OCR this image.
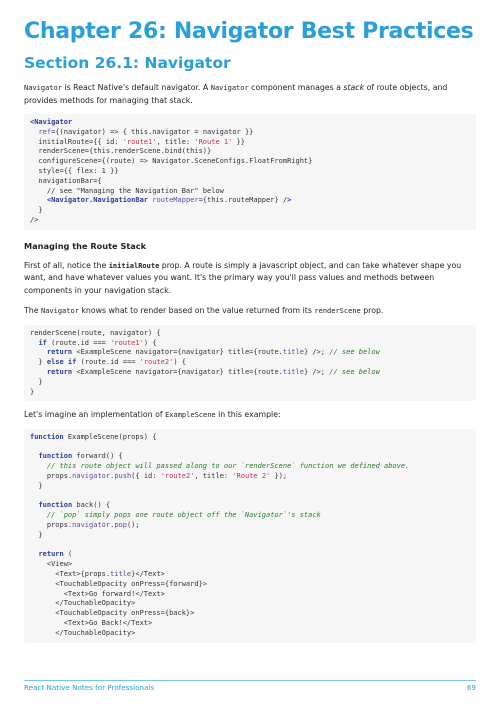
Chapter 26: Navigator Best Practices
Section 26.1: Navigator

Navigator is React Native's default navigator. A Navigator component manages a stack of route objects, and provides methods for managing that stack.

<Navigator
ref={(navigator) => { this.navigator = navigator }}
initialRoute={{ id: 'route1', title: 'Route 1' }}
renderScene={this.renderScene.bind(this)}
configureScene={(route) => Navigator.SceneConfigs.FloatFromRight}
style={{ flex: 1 }}
navigationBar={
// see "Managing the Navigation Bar" below
<Navigator.NavigationBar routeMapper={this.routeMapper} />
}
/>
Managing the Route Stack

First of all, notice the initialRoute prop. A route is simply a javascript object, and can take whatever shape you want, and have whatever values you want. It's the primary way you'll pass values and methods between components in your navigation stack.

The Navigator knows what to render based on the value returned from its renderScene prop.

renderScene(route, navigator) {
if (route.id === 'route1') {
return <ExampleScene navigator={navigator} title={route.title} />; // see below
} else if (route.id === 'route2') {
return <ExampleScene navigator={navigator} title={route.title} />; // see below
}
}

Let's imagine an implementation of ExampleScene in this example:

function ExampleScene(props) {

function forward() {
// this route object will passed along to our `renderScene` function we defined above.
props.navigator.push({ id: 'route2', title: 'Route 2' });
}

function back() {
// `pop` simply pops one route object off the `Navigator`'s stack
props.navigator.pop();
}

return (
<View>
<Text>{props.title}</Text>
<TouchableOpacity onPress={forward}>
<Text>Go forward!</Text>
</TouchableOpacity>
<TouchableOpacity onPress={back}>
<Text>Go Back!</Text>
</TouchableOpacity>
React Native Notes for Professionals	69
